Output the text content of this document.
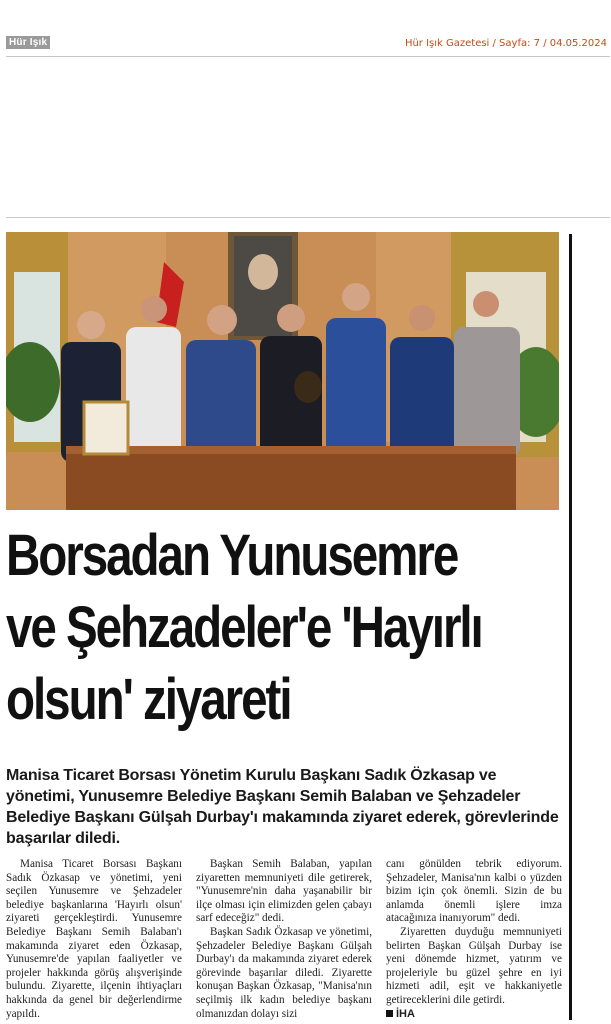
Hür Işık	Hür Işık Gazetesi / Sayfa: 7 / 04.05.2024
Borsadan Yunusemre
ve Şehzadeler'e 'Hayırlı
olsun' ziyareti
Manisa Ticaret Borsası Yönetim Kurulu Başkanı Sadık Özkasap ve yönetimi, Yunusemre Belediye Başkanı Semih Balaban ve Şehzadeler Belediye Başkanı Gülşah Durbay'ı makamında ziyaret ederek, görevlerinde başarılar diledi.

Manisa Ticaret Borsası Başkanı Sadık Özkasap ve yönetimi, yeni seçilen Yunusemre ve Şehzadeler belediye başkanlarına 'Hayırlı olsun' ziyareti gerçekleştirdi. Yunusemre Belediye Başkanı Semih Balaban'ı makamında ziyaret eden Özkasap, Yunusemre'de yapılan faaliyetler ve projeler hakkında görüş alışverişinde bulundu. Ziyarette, ilçenin ihtiyaçları hakkında da genel bir değerlendirme yapıldı.

Başkan Semih Balaban, yapılan ziyaretten memnuniyeti dile getirerek, "Yunusemre'nin daha yaşanabilir bir ilçe olması için elimizden gelen çabayı sarf edeceğiz" dedi.

Başkan Sadık Özkasap ve yönetimi, Şehzadeler Belediye Başkanı Gülşah Durbay'ı da makamında ziyaret ederek görevinde başarılar diledi. Ziyarette konuşan Başkan Özkasap, "Manisa'nın seçilmiş ilk kadın belediye başkanı olmanızdan dolayı sizi

canı gönülden tebrik ediyorum. Şehzadeler, Manisa'nın kalbi o yüzden bizim için çok önemli. Sizin de bu anlamda önemli işlere imza atacağınıza inanıyorum" dedi.

Ziyaretten duyduğu memnuniyeti belirten Başkan Gülşah Durbay ise yeni dönemde hizmet, yatırım ve projeleriyle bu güzel şehre en iyi hizmeti adil, eşit ve hakkaniyetle getireceklerini dile getirdi.

İHA
